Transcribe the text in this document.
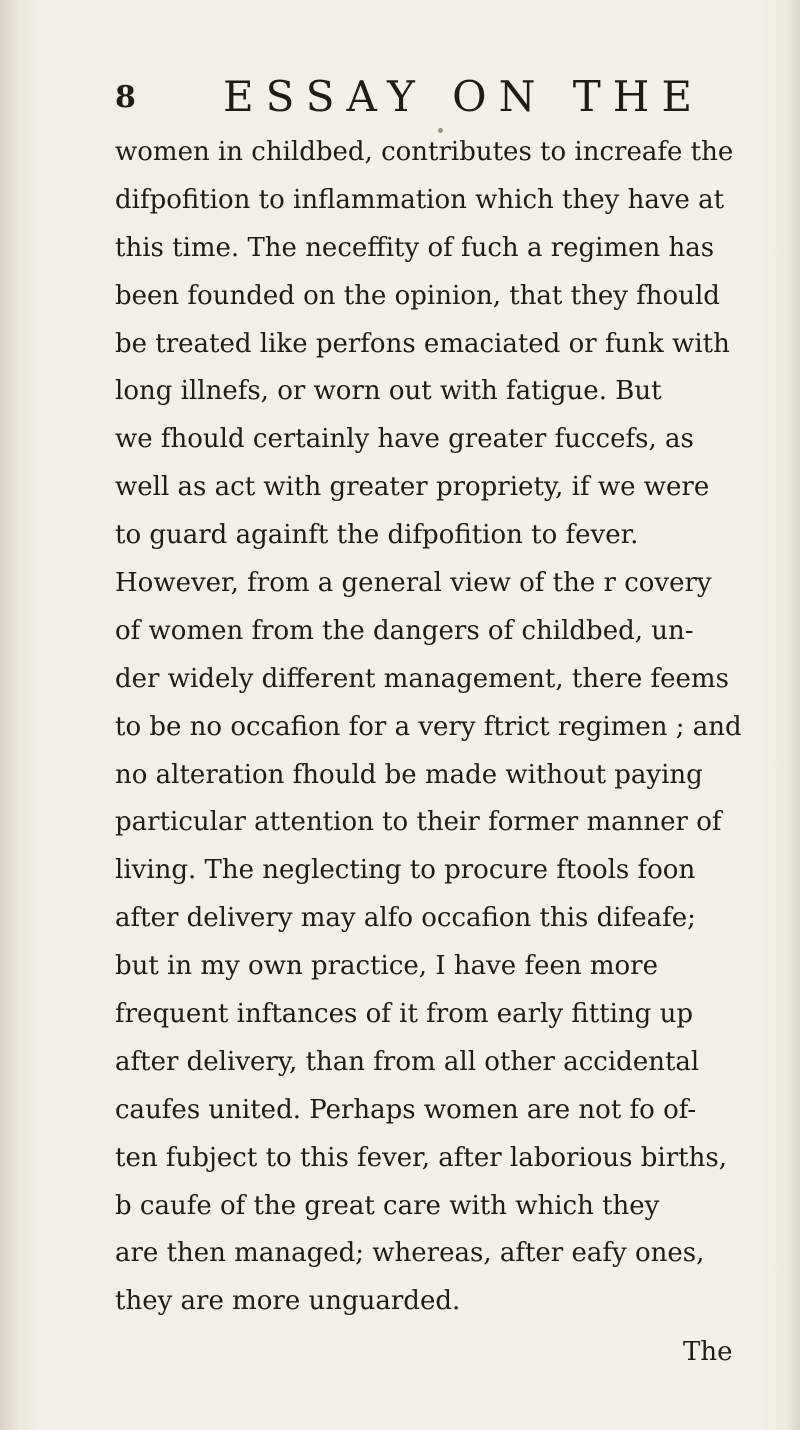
8 ESSAY ON THE
women in childbed, contributes to increafe the
difpofition to inflammation which they have at
this time. The neceffity of fuch a regimen has
been founded on the opinion, that they fhould
be treated like perfons emaciated or funk with
long illnefs, or worn out with fatigue. But
we fhould certainly have greater fuccefs, as
well as act with greater propriety, if we were
to guard againft the difpofition to fever.
However, from a general view of the r covery
of women from the dangers of childbed, un-
der widely different management, there feems
to be no occafion for a very ftrict regimen ; and
no alteration fhould be made without paying
particular attention to their former manner of
living. The neglecting to procure ftools foon
after delivery may alfo occafion this difeafe;
but in my own practice, I have feen more
frequent inftances of it from early fitting up
after delivery, than from all other accidental
caufes united. Perhaps women are not fo of-
ten fubject to this fever, after laborious births,
b caufe of the great care with which they
are then managed; whereas, after eafy ones,
they are more unguarded.
The
